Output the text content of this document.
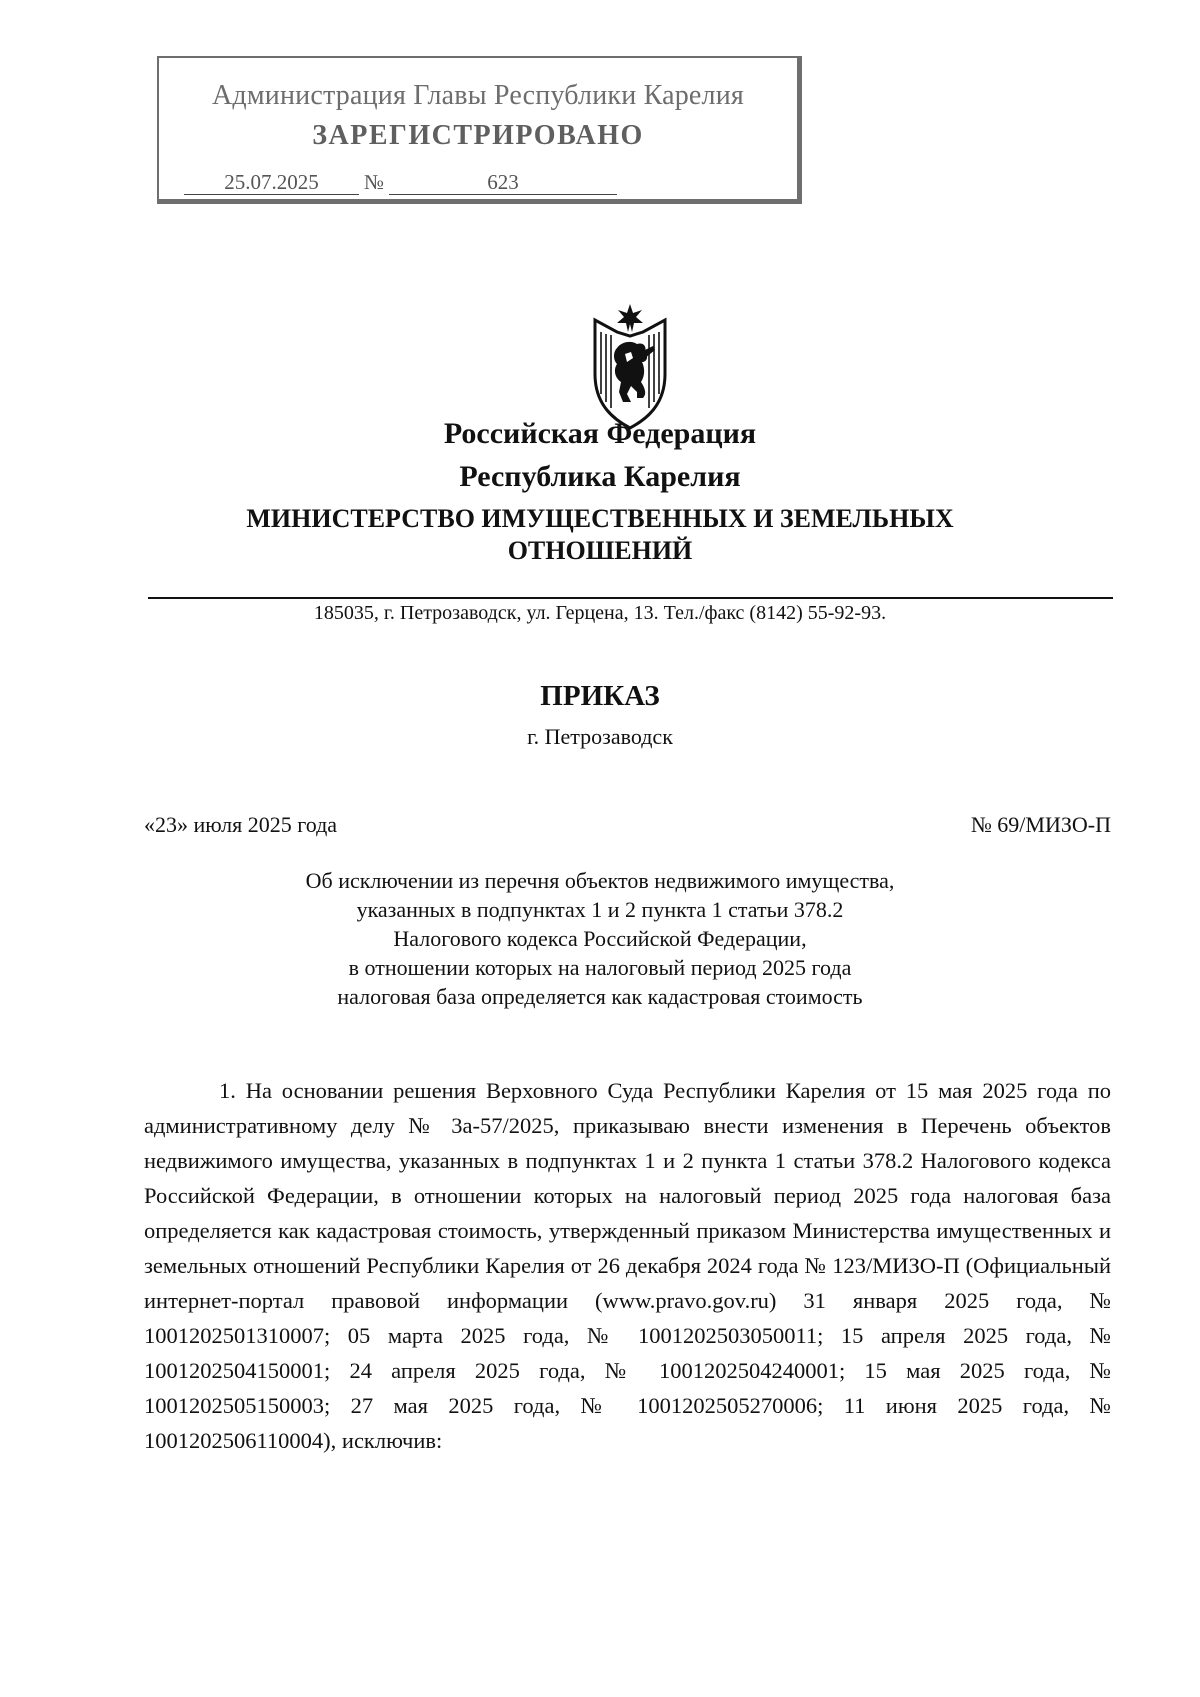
Администрация Главы Республики Карелия
ЗАРЕГИСТРИРОВАНО
25.07.2025	№	623
Российская Федерация
Республика Карелия
МИНИСТЕРСТВО ИМУЩЕСТВЕННЫХ И ЗЕМЕЛЬНЫХ ОТНОШЕНИЙ
185035, г. Петрозаводск, ул. Герцена, 13. Тел./факс (8142) 55-92-93.
ПРИКАЗ
г. Петрозаводск
«23» июля 2025 года	№ 69/МИЗО-П
Об исключении из перечня объектов недвижимого имущества,
указанных в подпунктах 1 и 2 пункта 1 статьи 378.2
Налогового кодекса Российской Федерации,
в отношении которых на налоговый период 2025 года
налоговая база определяется как кадастровая стоимость

1. На основании решения Верховного Суда Республики Карелия от 15 мая 2025 года по административному делу № 3а-57/2025, приказываю внести изменения в Перечень объектов недвижимого имущества, указанных в подпунктах 1 и 2 пункта 1 статьи 378.2 Налогового кодекса Российской Федерации, в отношении которых на налоговый период 2025 года налоговая база определяется как кадастровая стоимость, утвержденный приказом Министерства имущественных и земельных отношений Республики Карелия от 26 декабря 2024 года № 123/МИЗО-П (Официальный интернет-портал правовой информации (www.pravo.gov.ru) 31 января 2025 года, № 1001202501310007; 05 марта 2025 года, № 1001202503050011; 15 апреля 2025 года, № 1001202504150001; 24 апреля 2025 года, № 1001202504240001; 15 мая 2025 года, № 1001202505150003; 27 мая 2025 года, № 1001202505270006; 11 июня 2025 года, № 1001202506110004), исключив:
